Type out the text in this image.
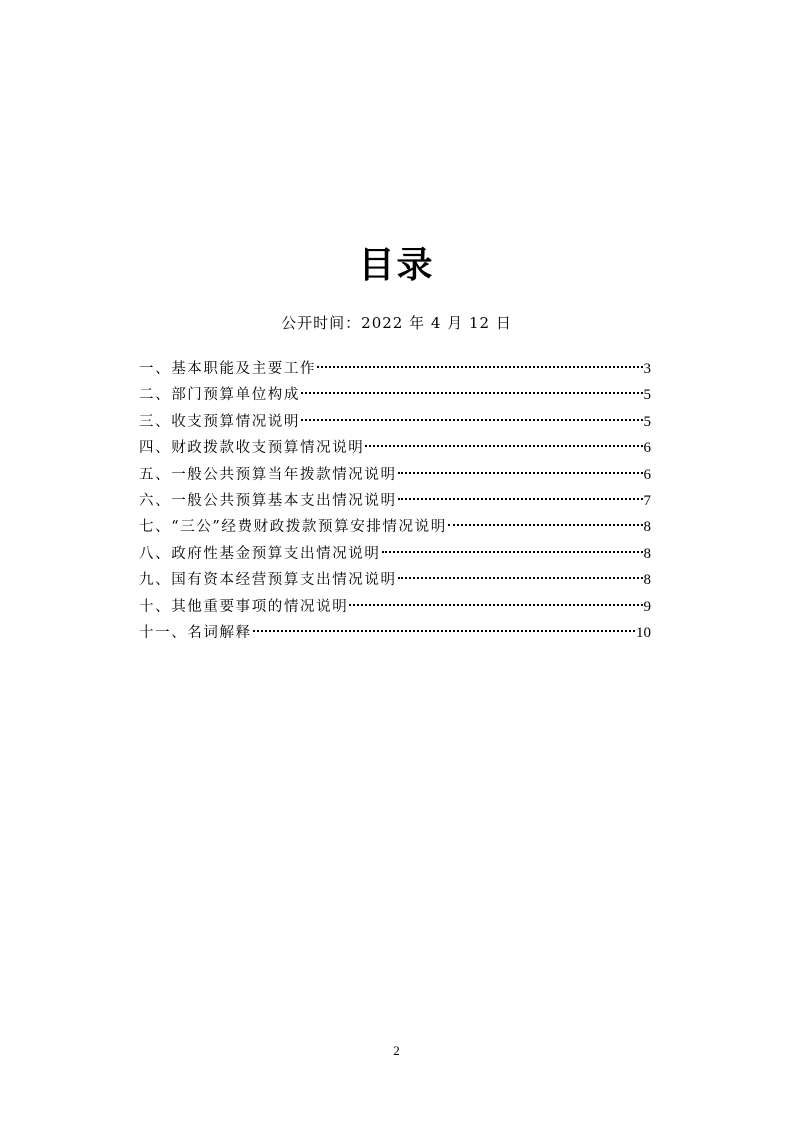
目录
公开时间：2022 年 4 月 12 日
一、基本职能及主要工作	3
二、部门预算单位构成	5
三、收支预算情况说明	5
四、财政拨款收支预算情况说明	6
五、一般公共预算当年拨款情况说明	6
六、一般公共预算基本支出情况说明	7
七、“三公”经费财政拨款预算安排情况说明	8
八、政府性基金预算支出情况说明	8
九、国有资本经营预算支出情况说明	8
十、其他重要事项的情况说明	9
十一、名词解释	10
2
